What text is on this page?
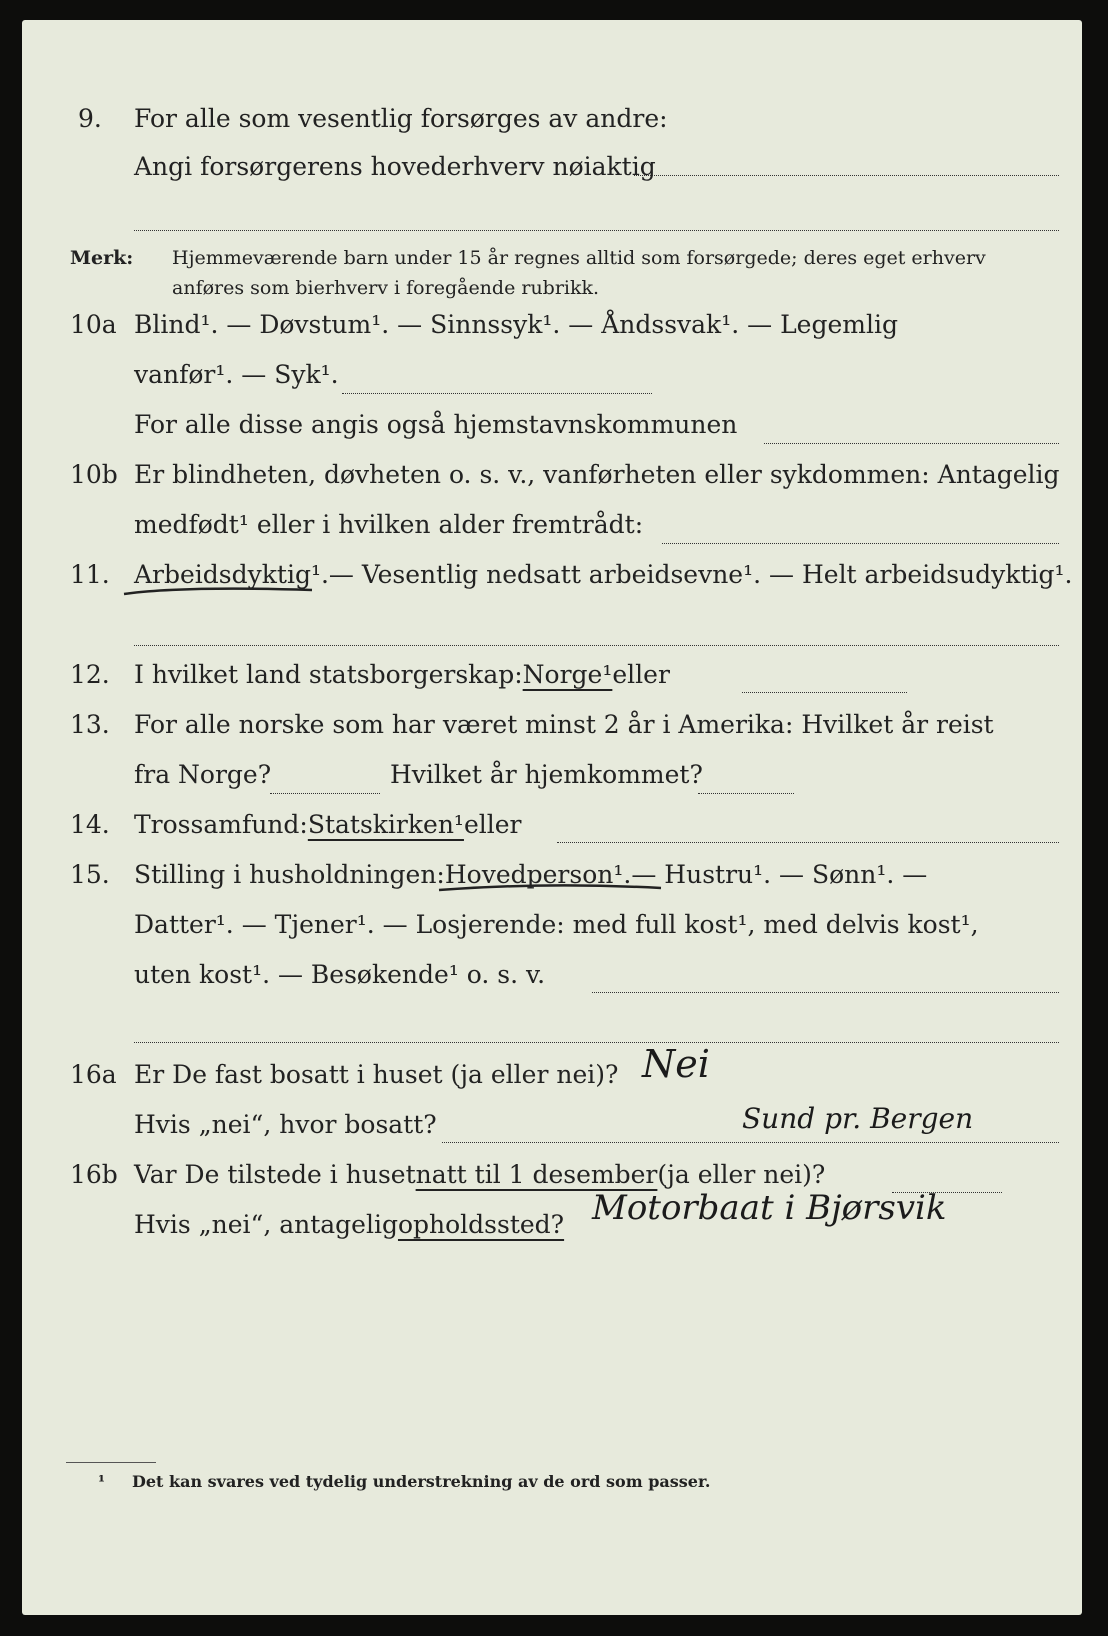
9. For alle som vesentlig forsørges av andre:
Angi forsørgerens hovederhverv nøiaktig
Merk: Hjemmeværende barn under 15 år regnes alltid som forsørgede; deres eget erhverv
anføres som bierhverv i foregående rubrikk.
10a Blind¹. — Døvstum¹. — Sinnssyk¹. — Åndssvak¹. — Legemlig
vanfør¹. — Syk¹.
For alle disse angis også hjemstavnskommunen
10b Er blindheten, døvheten o. s. v., vanførheten eller sykdommen: Antagelig
medfødt¹ eller i hvilken alder fremtrådt:
11. Arbeidsdyktig¹. — Vesentlig nedsatt arbeidsevne¹. — Helt arbeidsudyktig¹.
12. I hvilket land statsborgerskap: Norge¹ eller
13. For alle norske som har været minst 2 år i Amerika: Hvilket år reist
fra Norge?	Hvilket år hjemkommet?
14. Trossamfund: Statskirken¹ eller
15. Stilling i husholdningen: Hovedperson¹. — Hustru¹. — Sønn¹. —
Datter¹. — Tjener¹. — Losjerende: med full kost¹, med delvis kost¹,
uten kost¹. — Besøkende¹ o. s. v.
16a Er De fast bosatt i huset (ja eller nei)? Nei
Hvis „nei“, hvor bosatt?	Sund pr. Bergen
16b Var De tilstede i huset natt til 1 desember (ja eller nei)?
Hvis „nei“, antagelig opholdssted? Motorbaat i Bjørsvik
¹ Det kan svares ved tydelig understrekning av de ord som passer.
